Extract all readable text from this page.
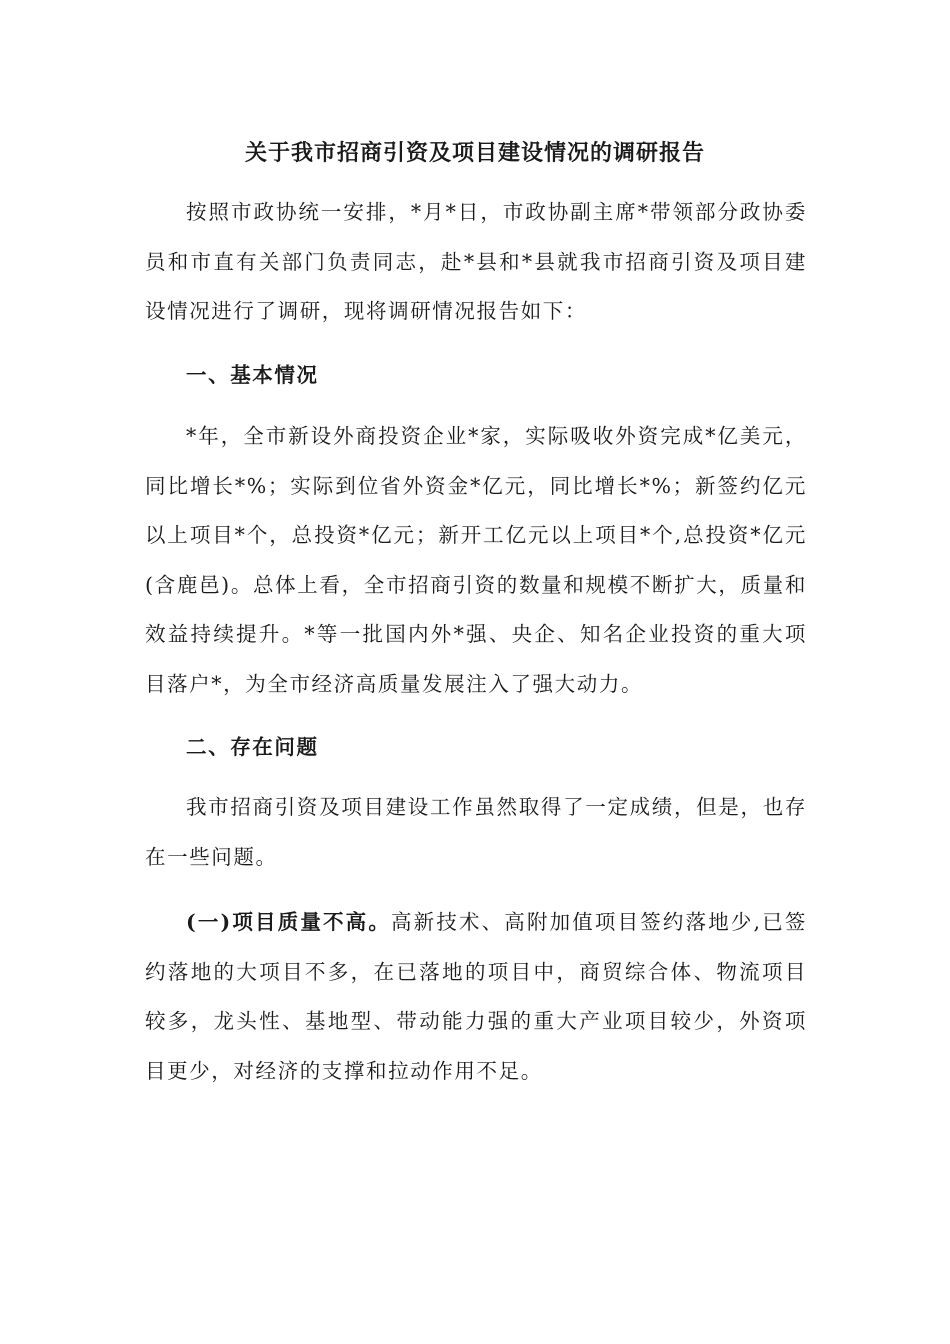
关于我市招商引资及项目建设情况的调研报告

按照市政协统一安排，*月*日，市政协副主席*带领部分政协委员和市直有关部门负责同志，赴*县和*县就我市招商引资及项目建设情况进行了调研，现将调研情况报告如下：

一、基本情况

*年，全市新设外商投资企业*家，实际吸收外资完成*亿美元，同比增长*%；实际到位省外资金*亿元，同比增长*%；新签约亿元以上项目*个，总投资*亿元；新开工亿元以上项目*个,总投资*亿元(含鹿邑)。总体上看，全市招商引资的数量和规模不断扩大，质量和效益持续提升。*等一批国内外*强、央企、知名企业投资的重大项目落户*，为全市经济高质量发展注入了强大动力。

二、存在问题

我市招商引资及项目建设工作虽然取得了一定成绩，但是，也存在一些问题。

(一)项目质量不高。高新技术、高附加值项目签约落地少,已签约落地的大项目不多，在已落地的项目中，商贸综合体、物流项目较多，龙头性、基地型、带动能力强的重大产业项目较少，外资项目更少，对经济的支撑和拉动作用不足。
